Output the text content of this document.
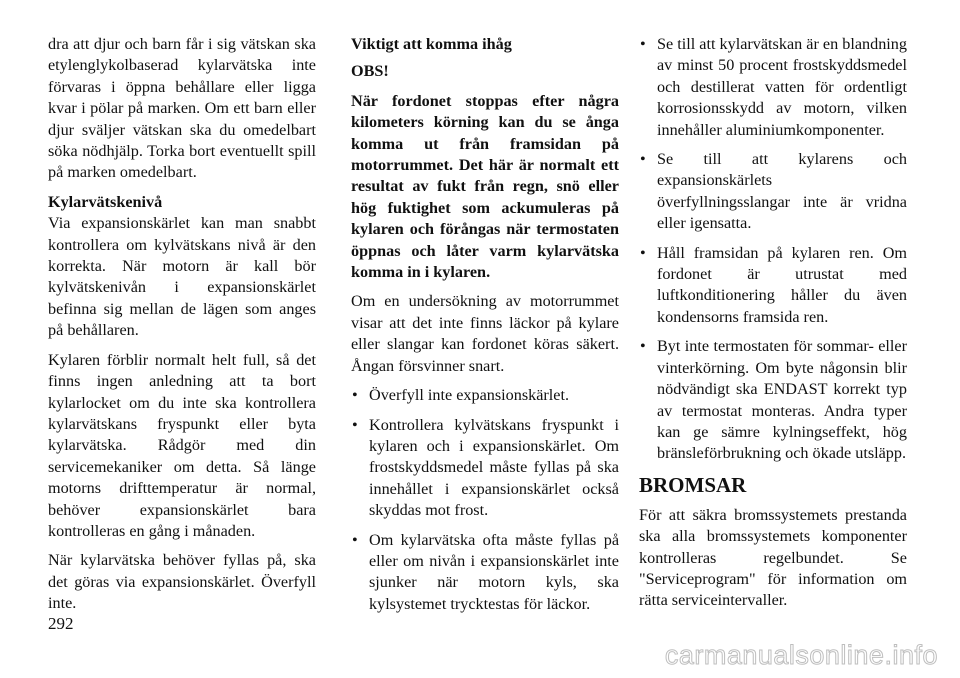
dra att djur och barn får i sig vätskan ska etylenglykolbaserad kylarvätska inte förvaras i öppna behållare eller ligga kvar i pölar på marken. Om ett barn eller djur sväljer vätskan ska du omedelbart söka nödhjälp. Torka bort eventuellt spill på marken omedelbart.

Kylarvätskenivå

Via expansionskärlet kan man snabbt kontrollera om kylvätskans nivå är den korrekta. När motorn är kall bör kylvätskenivån i expansionskärlet befinna sig mellan de lägen som anges på behållaren.

Kylaren förblir normalt helt full, så det finns ingen anledning att ta bort kylarlocket om du inte ska kontrollera kylarvätskans fryspunkt eller byta kylarvätska. Rådgör med din servicemekaniker om detta. Så länge motorns drifttemperatur är normal, behöver expansionskärlet bara kontrolleras en gång i månaden.

När kylarvätska behöver fyllas på, ska det göras via expansionskärlet. Överfyll inte.

Viktigt att komma ihåg

OBS!

När fordonet stoppas efter några kilometers körning kan du se ånga komma ut från framsidan på motorrummet. Det här är normalt ett resultat av fukt från regn, snö eller hög fuktighet som ackumuleras på kylaren och förångas när termostaten öppnas och låter varm kylarvätska komma in i kylaren.

Om en undersökning av motorrummet visar att det inte finns läckor på kylare eller slangar kan fordonet köras säkert. Ångan försvinner snart.

• Överfyll inte expansionskärlet.
• Kontrollera kylvätskans fryspunkt i kylaren och i expansionskärlet. Om frostskyddsmedel måste fyllas på ska innehållet i expansionskärlet också skyddas mot frost.
• Om kylarvätska ofta måste fyllas på eller om nivån i expansionskärlet inte sjunker när motorn kyls, ska kylsystemet trycktestas för läckor.
• Se till att kylarvätskan är en blandning av minst 50 procent frostskyddsmedel och destillerat vatten för ordentligt korrosionsskydd av motorn, vilken innehåller aluminiumkomponenter.
• Se till att kylarens och expansionskärlets överfyllningsslangar inte är vridna eller igensatta.
• Håll framsidan på kylaren ren. Om fordonet är utrustat med luftkonditionering håller du även kondensorns framsida ren.
• Byt inte termostaten för sommar- eller vinterkörning. Om byte någonsin blir nödvändigt ska ENDAST korrekt typ av termostat monteras. Andra typer kan ge sämre kylningseffekt, hög bränsleförbrukning och ökade utsläpp.

BROMSAR

För att säkra bromssystemets prestanda ska alla bromssystemets komponenter kontrolleras regelbundet. Se "Serviceprogram" för information om rätta serviceintervaller.

292
carmanualsonline.info
